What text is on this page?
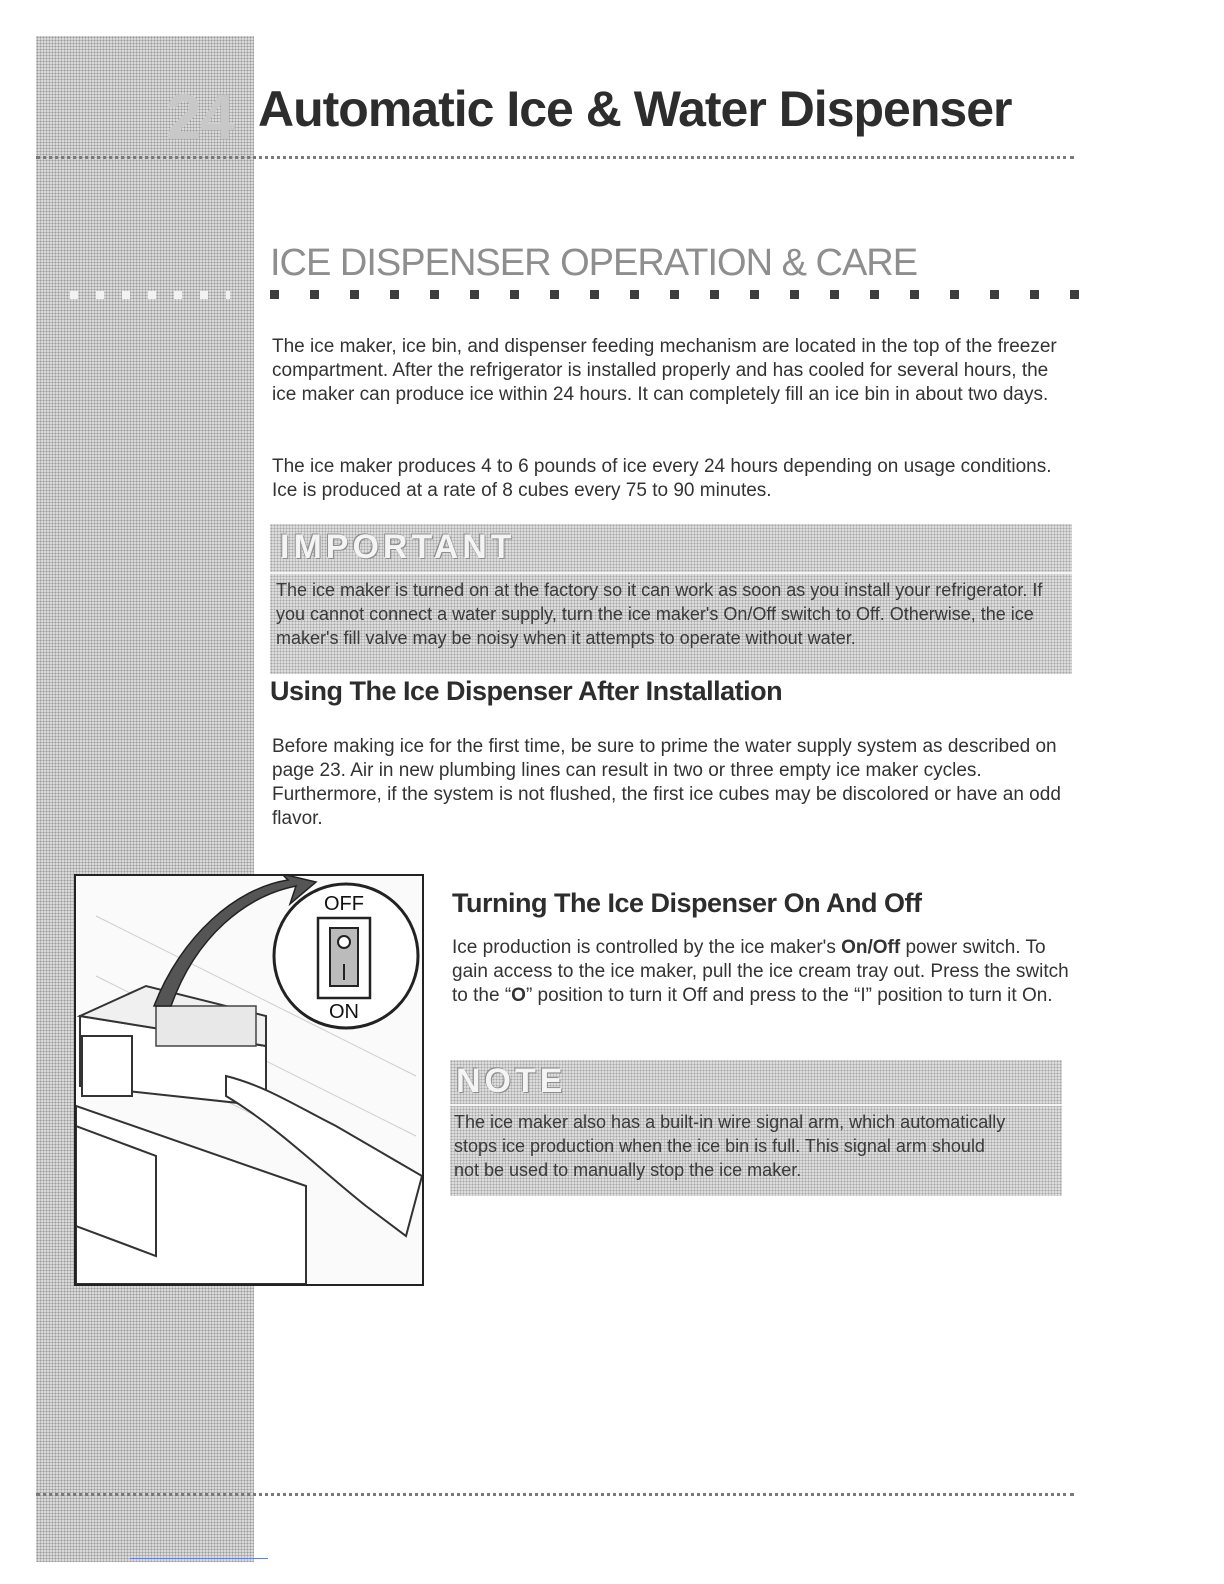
24 Automatic Ice & Water Dispenser
ICE DISPENSER OPERATION & CARE

The ice maker, ice bin, and dispenser feeding mechanism are located in the top of the freezer compartment. After the refrigerator is installed properly and has cooled for several hours, the ice maker can produce ice within 24 hours. It can completely fill an ice bin in about two days.

The ice maker produces 4 to 6 pounds of ice every 24 hours depending on usage conditions. Ice is produced at a rate of 8 cubes every 75 to 90 minutes.

IMPORTANT

The ice maker is turned on at the factory so it can work as soon as you install your refrigerator. If you cannot connect a water supply, turn the ice maker's On/Off switch to Off. Otherwise, the ice maker's fill valve may be noisy when it attempts to operate without water.

Using The Ice Dispenser After Installation

Before making ice for the first time, be sure to prime the water supply system as described on page 23. Air in new plumbing lines can result in two or three empty ice maker cycles. Furthermore, if the system is not flushed, the first ice cubes may be discolored or have an odd flavor.

OFF
ON
Turning The Ice Dispenser On And Off

Ice production is controlled by the ice maker's On/Off power switch. To gain access to the ice maker, pull the ice cream tray out. Press the switch to the “O” position to turn it Off and press to the “I” position to turn it On.

NOTE

The ice maker also has a built-in wire signal arm, which automatically stops ice production when the ice bin is full. This signal arm should not be used to manually stop the ice maker.
